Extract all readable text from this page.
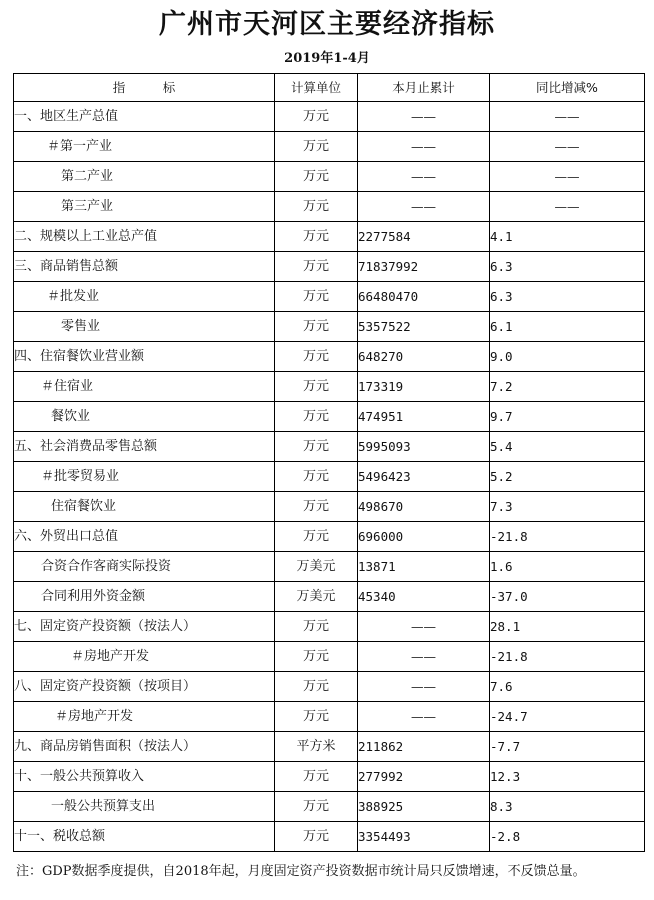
广州市天河区主要经济指标
2019年1-4月
指　　　标	计算单位	本月止累计	同比增减%
一、地区生产总值	万元	——	——
＃第一产业	万元	——	——
第二产业	万元	——	——
第三产业	万元	——	——
二、规模以上工业总产值	万元	2277584	4.1
三、商品销售总额	万元	71837992	6.3
＃批发业	万元	66480470	6.3
零售业	万元	5357522	6.1
四、住宿餐饮业营业额	万元	648270	9.0
＃住宿业	万元	173319	7.2
餐饮业	万元	474951	9.7
五、社会消费品零售总额	万元	5995093	5.4
＃批零贸易业	万元	5496423	5.2
住宿餐饮业	万元	498670	7.3
六、外贸出口总值	万元	696000	-21.8
合资合作客商实际投资	万美元	13871	1.6
合同利用外资金额	万美元	45340	-37.0
七、固定资产投资额（按法人）	万元	——	28.1
＃房地产开发	万元	——	-21.8
八、固定资产投资额（按项目）	万元	——	7.6
＃房地产开发	万元	——	-24.7
九、商品房销售面积（按法人）	平方米	211862	-7.7
十、一般公共预算收入	万元	277992	12.3
一般公共预算支出	万元	388925	8.3
十一、税收总额	万元	3354493	-2.8
注：GDP数据季度提供，自2018年起，月度固定资产投资数据市统计局只反馈增速，不反馈总量。
